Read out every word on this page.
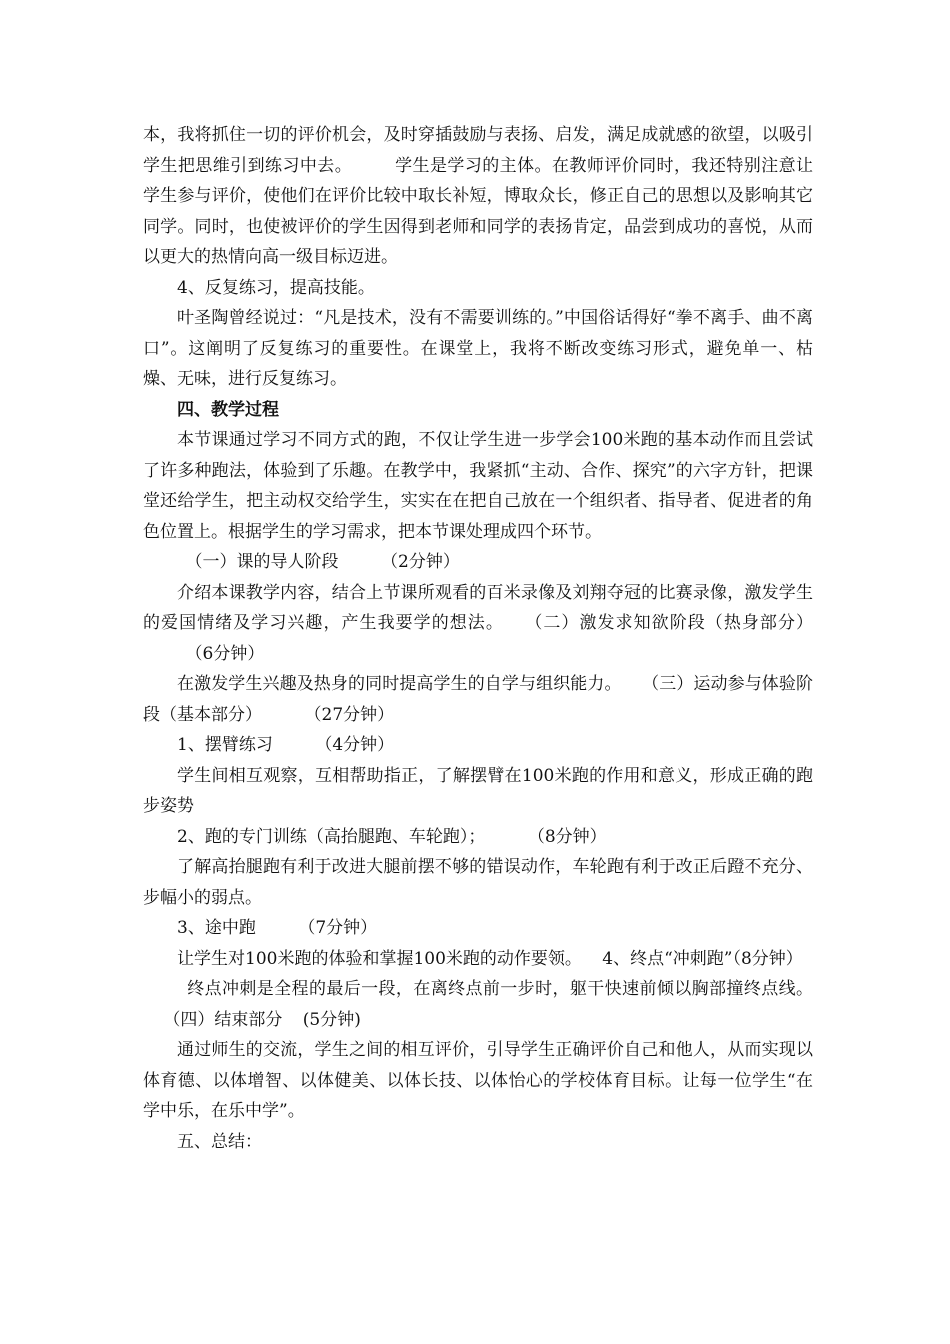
本，我将抓住一切的评价机会，及时穿插鼓励与表扬、启发，满足成就感的欲望，以吸引学生把思维引到练习中去。	学生是学习的主体。在教师评价同时，我还特别注意让学生参与评价，使他们在评价比较中取长补短，博取众长，修正自己的思想以及影响其它同学。同时，也使被评价的学生因得到老师和同学的表扬肯定，品尝到成功的喜悦，从而以更大的热情向高一级目标迈进。

4、反复练习，提高技能。

叶圣陶曾经说过：“凡是技术，没有不需要训练的。”中国俗话得好“拳不离手、曲不离口”。这阐明了反复练习的重要性。在课堂上，我将不断改变练习形式，避免单一、枯燥、无味，进行反复练习。

四、教学过程

本节课通过学习不同方式的跑，不仅让学生进一步学会100米跑的基本动作而且尝试了许多种跑法，体验到了乐趣。在教学中，我紧抓“主动、合作、探究”的六字方针，把课堂还给学生，把主动权交给学生，实实在在把自己放在一个组织者、指导者、促进者的角色位置上。根据学生的学习需求，把本节课处理成四个环节。

（一）课的导人阶段	（2分钟）

介绍本课教学内容，结合上节课所观看的百米录像及刘翔夺冠的比赛录像，激发学生的爱国情绪及学习兴趣，产生我要学的想法。 （二）激发求知欲阶段（热身部分）（6分钟）

在激发学生兴趣及热身的同时提高学生的自学与组织能力。 （三）运动参与体验阶段（基本部分）	（27分钟）

1、摆臂练习	（4分钟）

学生间相互观察，互相帮助指正，了解摆臂在100米跑的作用和意义，形成正确的跑步姿势

2、跑的专门训练（高抬腿跑、车轮跑）；	（8分钟）

了解高抬腿跑有利于改进大腿前摆不够的错误动作，车轮跑有利于改正后蹬不充分、步幅小的弱点。

3、途中跑	（7分钟）

让学生对100米跑的体验和掌握100米跑的动作要领。 4、终点“冲刺跑”（8分钟）

终点冲刺是全程的最后一段，在离终点前一步时，躯干快速前倾以胸部撞终点线。（四）结束部分 (5分钟)

通过师生的交流，学生之间的相互评价，引导学生正确评价自己和他人，从而实现以体育德、以体增智、以体健美、以体长技、以体怡心的学校体育目标。让每一位学生“在学中乐，在乐中学”。

五、总结：
